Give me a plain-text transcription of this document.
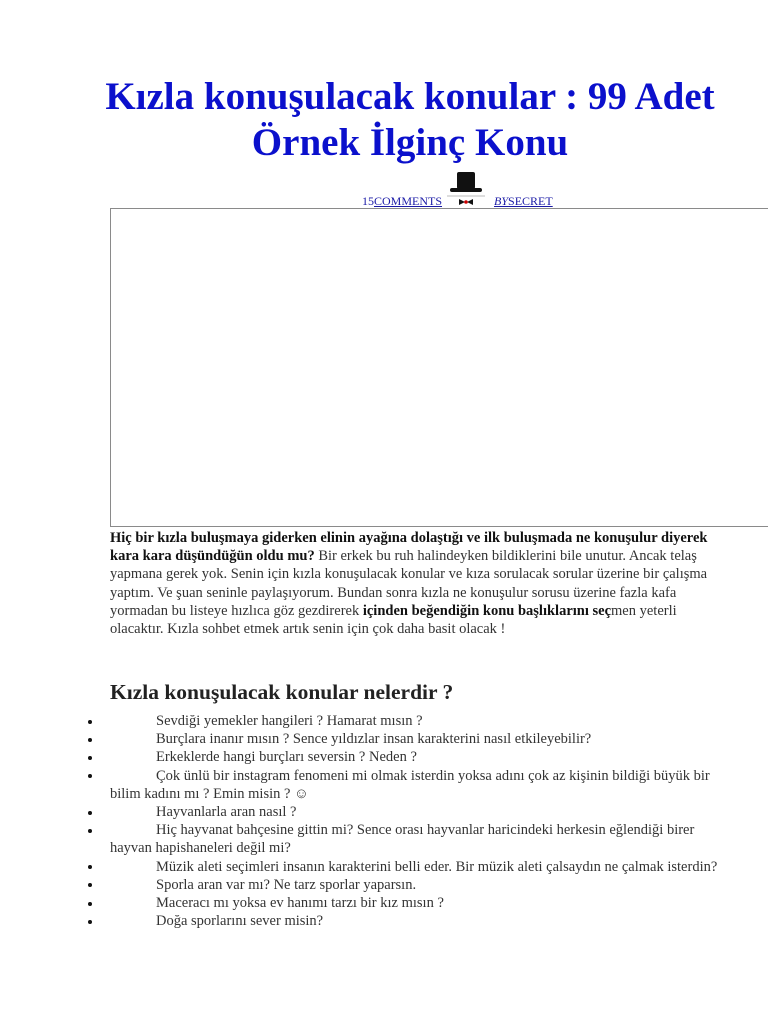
Kızla konuşulacak konular : 99 Adet Örnek İlginç Konu
15 COMMENTS	BY SECRET

Hiç bir kızla buluşmaya giderken elinin ayağına dolaştığı ve ilk buluşmada ne konuşulur diyerek kara kara düşündüğün oldu mu? Bir erkek bu ruh halindeyken bildiklerini bile unutur. Ancak telaş yapmana gerek yok. Senin için kızla konuşulacak konular ve kıza sorulacak sorular üzerine bir çalışma yaptım. Ve şuan seninle paylaşıyorum. Bundan sonra kızla ne konuşulur sorusu üzerine fazla kafa yormadan bu listeye hızlıca göz gezdirerek içinden beğendiğin konu başlıklarını seçmen yeterli olacaktır. Kızla sohbet etmek artık senin için çok daha basit olacak !

Kızla konuşulacak konular nelerdir ?
Sevdiği yemekler hangileri ? Hamarat mısın ?
Burçlara inanır mısın ? Sence yıldızlar insan karakterini nasıl etkileyebilir?
Erkeklerde hangi burçları seversin ? Neden ?
Çok ünlü bir instagram fenomeni mi olmak isterdin yoksa adını çok az kişinin bildiği büyük bir bilim kadını mı ? Emin misin ? ☺
Hayvanlarla aran nasıl ?
Hiç hayvanat bahçesine gittin mi? Sence orası hayvanlar haricindeki herkesin eğlendiği birer hayvan hapishaneleri değil mi?
Müzik aleti seçimleri insanın karakterini belli eder. Bir müzik aleti çalsaydın ne çalmak isterdin?
Sporla aran var mı? Ne tarz sporlar yaparsın.
Maceracı mı yoksa ev hanımı tarzı bir kız mısın ?
Doğa sporlarını sever misin?
